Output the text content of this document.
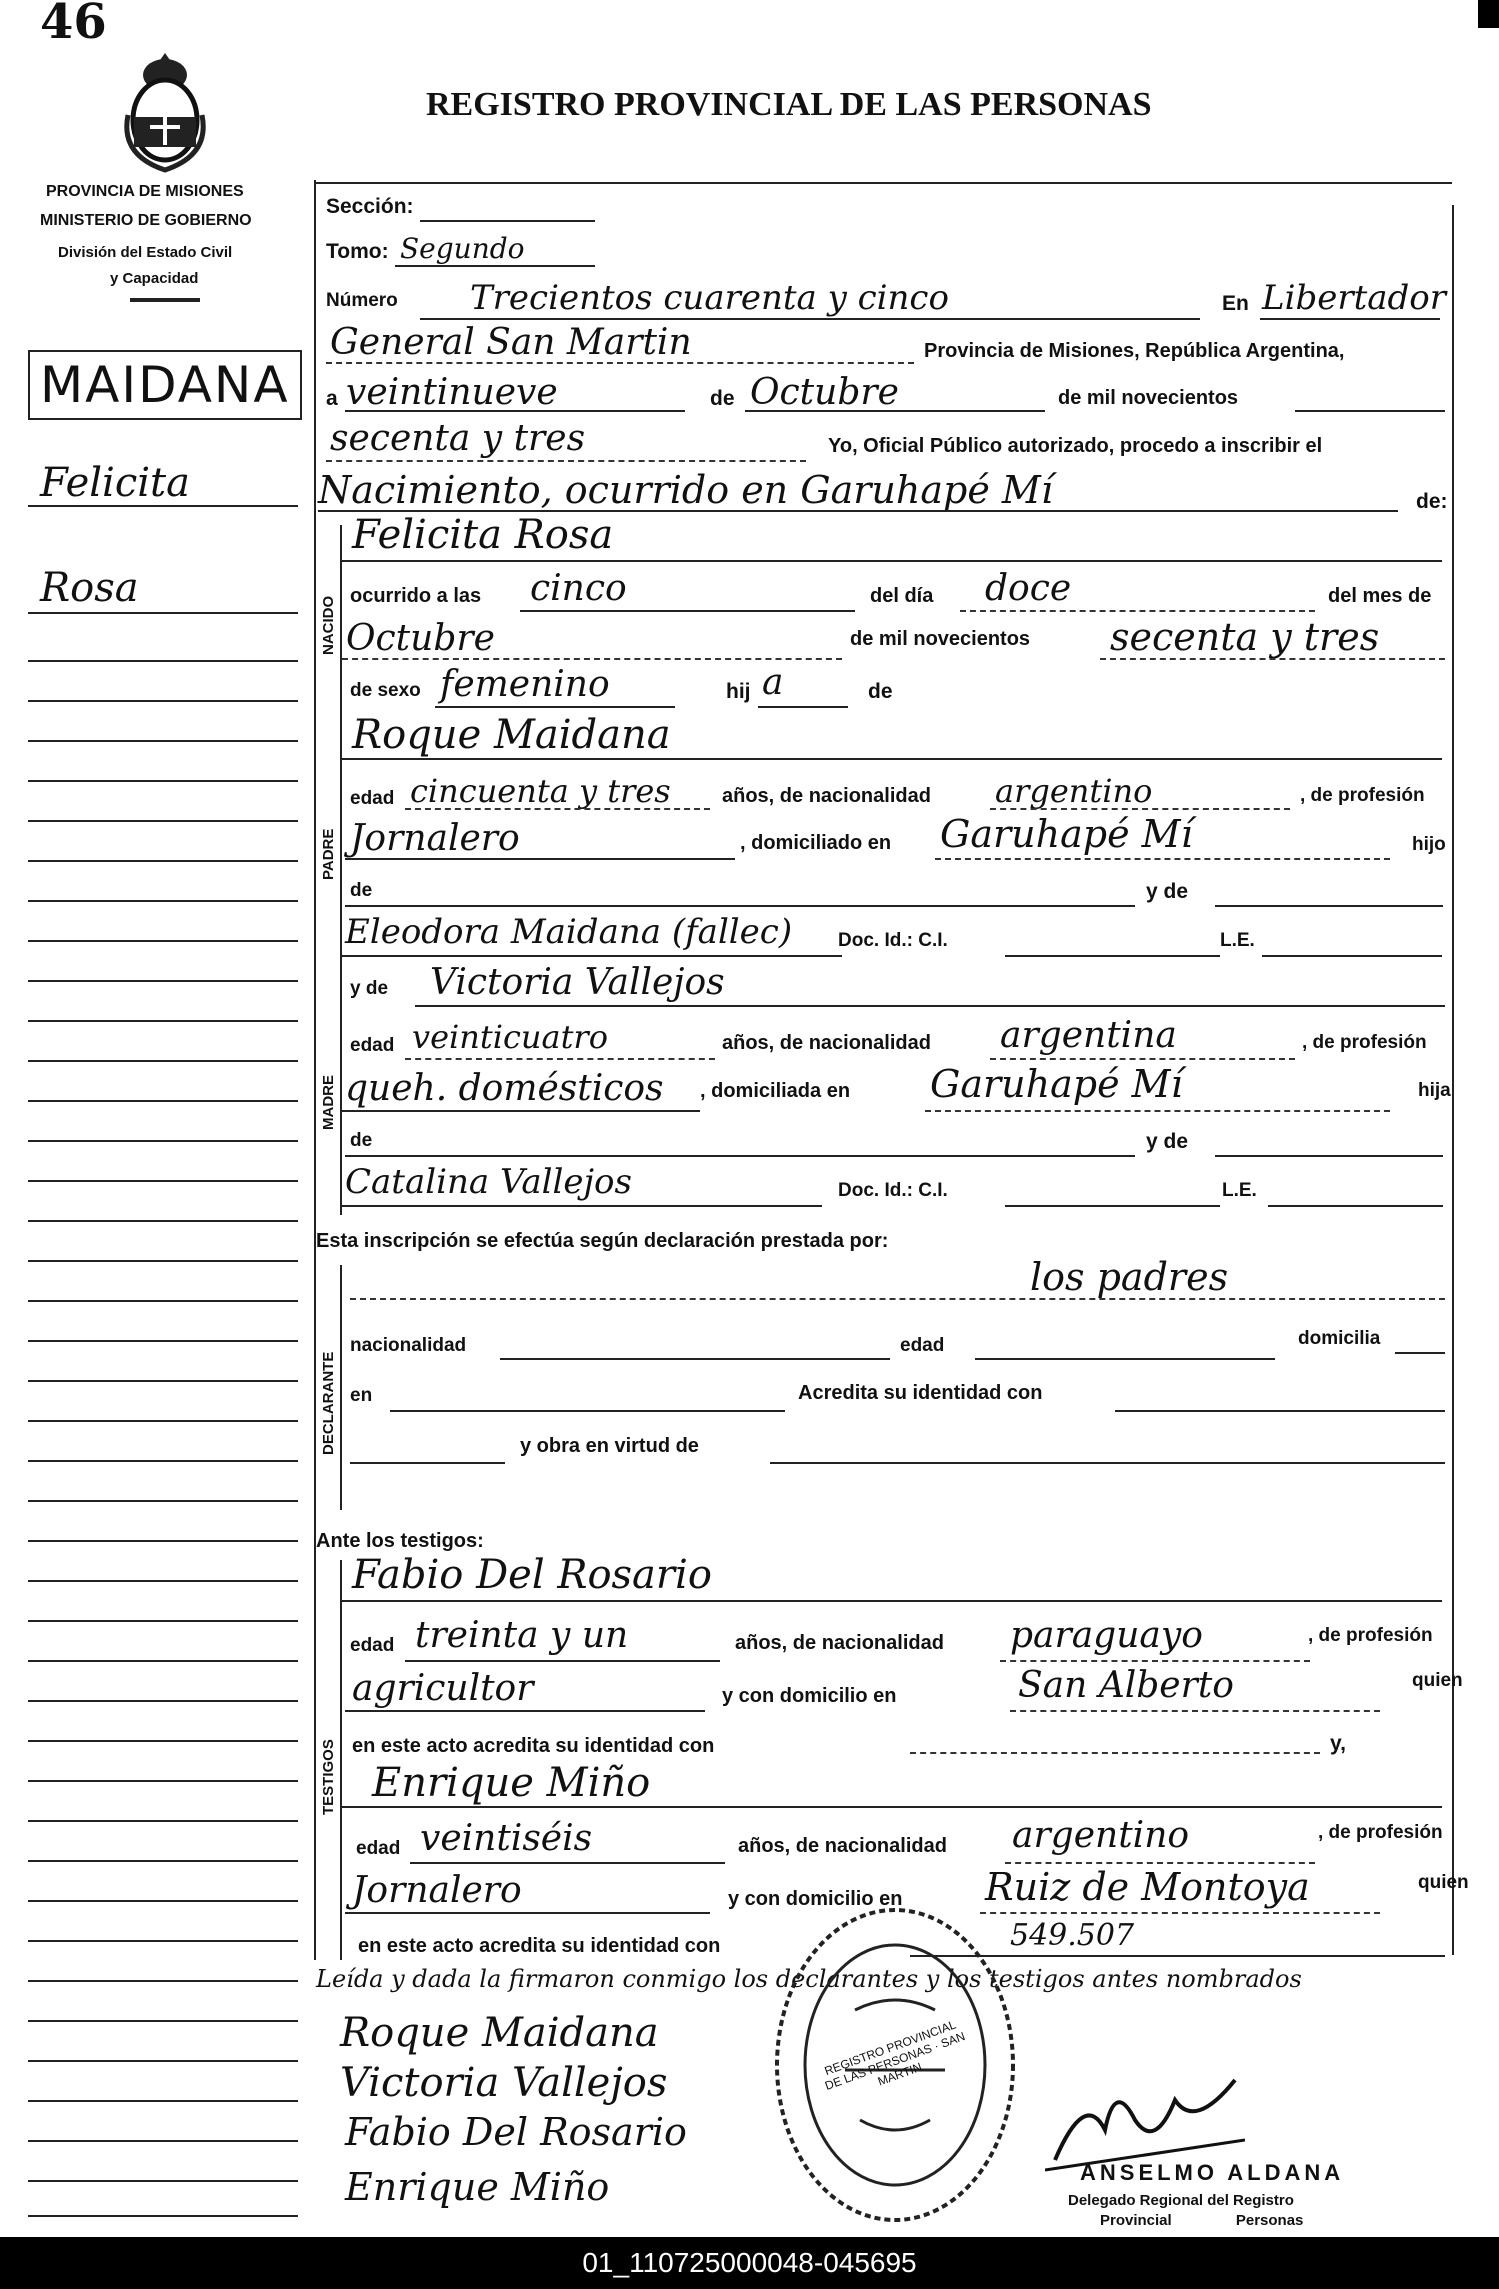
46
REGISTRO PROVINCIAL DE LAS PERSONAS
PROVINCIA DE MISIONES
MINISTERIO DE GOBIERNO
División del Estado Civil
y Capacidad
MAIDANA
Felicita
Rosa
Sección:
Tomo: Segundo
Número Trecientos cuarenta y cinco	En Libertador
General San Martin	Provincia de Misiones, República Argentina,
a veintinueve	de Octubre	de mil novecientos
secenta y tres	Yo, Oficial Público autorizado, procedo a inscribir el
Nacimiento, ocurrido en Garuhapé Mí	de:
NACIDO
Felicita Rosa
ocurrido a las cinco	del día doce	del mes de
Octubre	de mil novecientos secenta y tres
de sexo femenino	hij a	de
PADRE
Roque Maidana
edad cincuenta y tres	años, de nacionalidad argentino	, de profesión
Jornalero	, domiciliado en Garuhapé Mí	hijo
de	y de
Eleodora Maidana (fallec) Doc. Id.: C.I.	L.E.
MADRE
y de Victoria Vallejos
edad veinticuatro	años, de nacionalidad argentina	, de profesión
queh. domésticos , domiciliada en Garuhapé Mí	hija
de	y de
Catalina Vallejos	Doc. Id.: C.I.	L.E.
Esta inscripción se efectúa según declaración prestada por:
DECLARANTE
los padres
nacionalidad	edad	domicilia
en	Acredita su identidad con
y obra en virtud de
Ante los testigos:
TESTIGOS
Fabio Del Rosario
edad treinta y un	años, de nacionalidad paraguayo	, de profesión
agricultor	y con domicilio en	San Alberto	quien
en este acto acredita su identidad con	y,
Enrique Miño
edad veintiséis	años, de nacionalidad argentino	, de profesión
Jornalero	y con domicilio en Ruiz de Montoya	quien
en este acto acredita su identidad con	549.507
Leída y dada la firmaron conmigo los declarantes y los testigos antes nombrados
Roque Maidana
Victoria Vallejos
Fabio Del Rosario
Enrique Miño
REGISTRO PROVINCIAL DE LAS PERSONAS · SAN MARTIN
ANSELMO ALDANA
Delegado Regional del Registro
Provincial Personas
01_110725000048-045695
